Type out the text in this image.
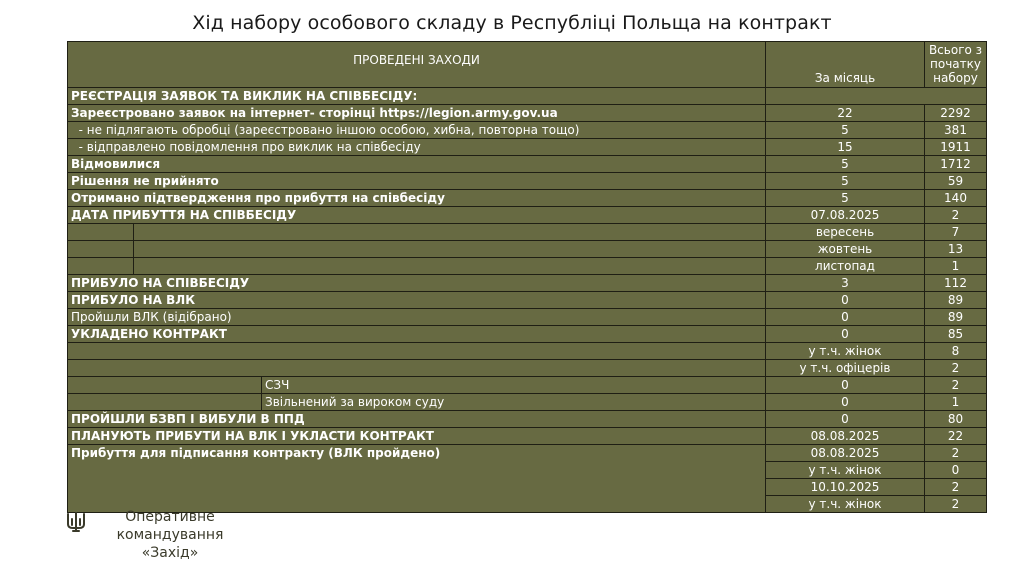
Хід набору особового складу в Республіці Польща на контракт
ПРОВЕДЕНІ ЗАХОДИ			За місяць	Всього з початку набору
РЕЄСТРАЦІЯ ЗАЯВОК ТА ВИКЛИК НА СПІВБЕСІДУ:				
Зареєстровано заявок на інтернет- сторінці https://legion.army.gov.ua			22	2292
- не підлягають обробці (зареєстровано іншою особою, хибна, повторна тощо)			5	381
- відправлено повідомлення про виклик на співбесіду			15	1911
Відмовилися			5	1712
Рішення не прийнято			5	59
Отримано підтвердження про прибуття на співбесіду			5	140
ДАТА ПРИБУТТЯ НА СПІВБЕСІДУ			07.08.2025	2
			вересень	7
			жовтень	13
			листопад	1
ПРИБУЛО НА СПІВБЕСІДУ			3	112
ПРИБУЛО НА ВЛК			0	89
Пройшли ВЛК (відібрано)			0	89
УКЛАДЕНО КОНТРАКТ			0	85
			у т.ч. жінок	8
			у т.ч. офіцерів	2
		СЗЧ	0	2
		Звільнений за вироком суду	0	1
ПРОЙШЛИ БЗВП І ВИБУЛИ В ППД			0	80
ПЛАНУЮТЬ ПРИБУТИ НА ВЛК І УКЛАСТИ КОНТРАКТ			08.08.2025	22
Прибуття для підписання контракту (ВЛК пройдено)			08.08.2025	2
			у т.ч. жінок	0
			10.10.2025	2
			у т.ч. жінок	2
Оперативне
командування
«Захід»
